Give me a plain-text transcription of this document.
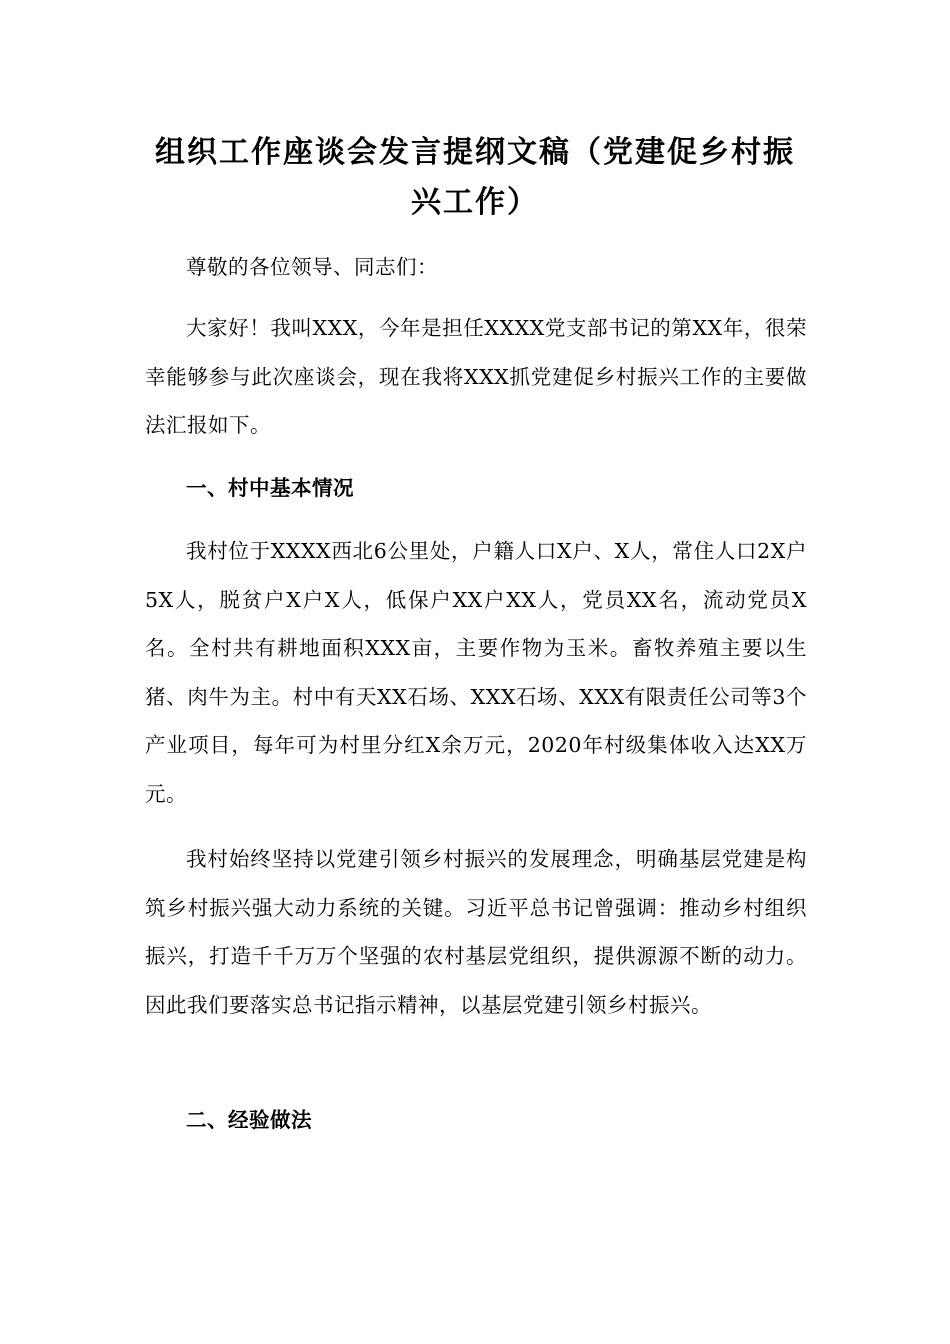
组织工作座谈会发言提纲文稿（党建促乡村振兴工作）

尊敬的各位领导、同志们：

大家好！我叫XXX，今年是担任XXXX党支部书记的第XX年，很荣幸能够参与此次座谈会，现在我将XXX抓党建促乡村振兴工作的主要做法汇报如下。

一、村中基本情况

我村位于XXXX西北6公里处，户籍人口X户、X人，常住人口2X户5X人，脱贫户X户X人，低保户XX户XX人，党员XX名，流动党员X名。全村共有耕地面积XXX亩，主要作物为玉米。畜牧养殖主要以生猪、肉牛为主。村中有天XX石场、XXX石场、XXX有限责任公司等3个产业项目，每年可为村里分红X余万元，2020年村级集体收入达XX万元。

我村始终坚持以党建引领乡村振兴的发展理念，明确基层党建是构筑乡村振兴强大动力系统的关键。习近平总书记曾强调：推动乡村组织振兴，打造千千万万个坚强的农村基层党组织，提供源源不断的动力。因此我们要落实总书记指示精神，以基层党建引领乡村振兴。

二、经验做法
